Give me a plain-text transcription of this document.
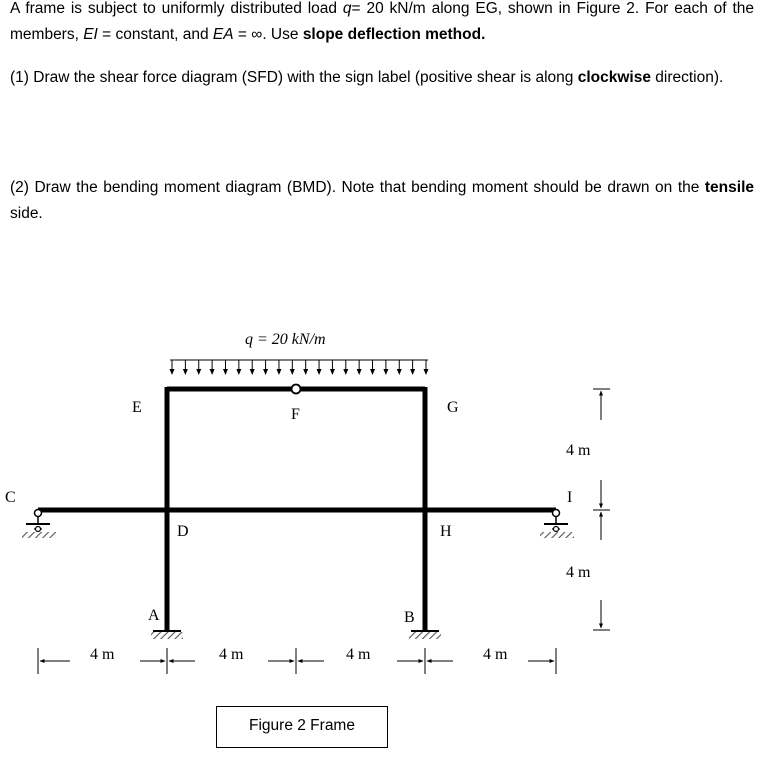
A frame is subject to uniformly distributed load q= 20 kN/m along EG, shown in Figure 2. For each of the members, EI = constant, and EA = ∞. Use slope deflection method.
(1) Draw the shear force diagram (SFD) with the sign label (positive shear is along clockwise direction).
(2) Draw the bending moment diagram (BMD). Note that bending moment should be drawn on the tensile side.
q = 20 kN/m
E	F	G
C
D	H
I
A	B
4 m
4 m
4 m	4 m	4 m	4 m
Figure 2 Frame
